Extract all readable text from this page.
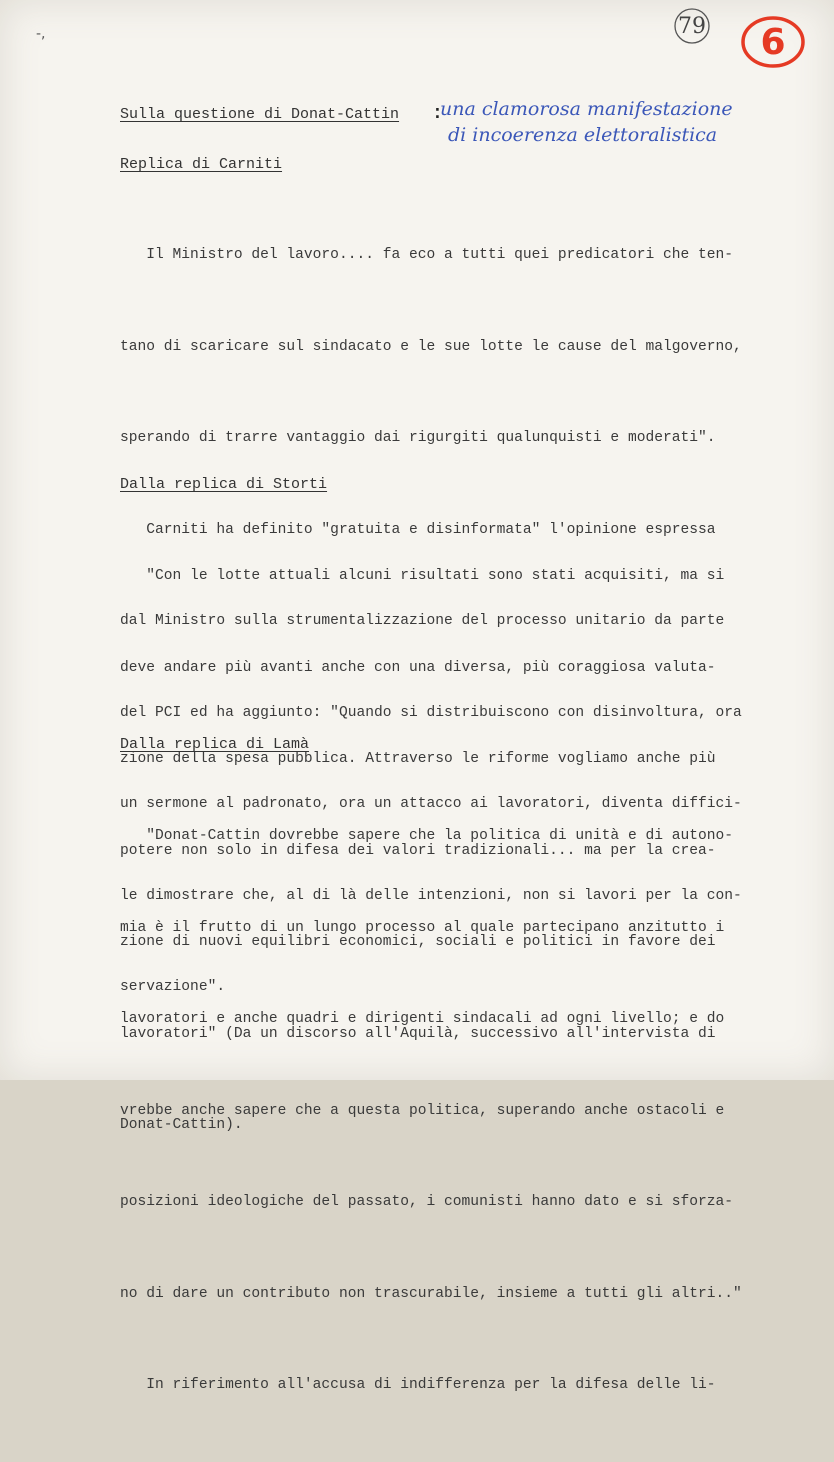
-,	79 6
Sulla questione di Donat-Cattin :
una clamorosa manifestazione
di incoerenza elettoralistica
Replica di Carniti

Il Ministro del lavoro.... fa eco a tutti quei predicatori che ten-

tano di scaricare sul sindacato e le sue lotte le cause del malgoverno,

sperando di trarre vantaggio dai rigurgiti qualunquisti e moderati".

Carniti ha definito "gratuita e disinformata" l'opinione espressa

dal Ministro sulla strumentalizzazione del processo unitario da parte

del PCI ed ha aggiunto: "Quando si distribuiscono con disinvoltura, ora

un sermone al padronato, ora un attacco ai lavoratori, diventa diffici-

le dimostrare che, al di là delle intenzioni, non si lavori per la con-

servazione".

Dalla replica di Storti

"Con le lotte attuali alcuni risultati sono stati acquisiti, ma si

deve andare più avanti anche con una diversa, più coraggiosa valuta-

zione della spesa pubblica. Attraverso le riforme vogliamo anche più

potere non solo in difesa dei valori tradizionali... ma per la crea-

zione di nuovi equilibri economici, sociali e politici in favore dei

lavoratori" (Da un discorso all'Aquilà, successivo all'intervista di

Donat-Cattin).

Dalla replica di Lamà

"Donat-Cattin dovrebbe sapere che la politica di unità e di autono-

mia è il frutto di un lungo processo al quale partecipano anzitutto i

lavoratori e anche quadri e dirigenti sindacali ad ogni livello; e do

vrebbe anche sapere che a questa politica, superando anche ostacoli e

posizioni ideologiche del passato, i comunisti hanno dato e si sforza-

no di dare un contributo non trascurabile, insieme a tutti gli altri.."

In riferimento all'accusa di indifferenza per la difesa delle li-
